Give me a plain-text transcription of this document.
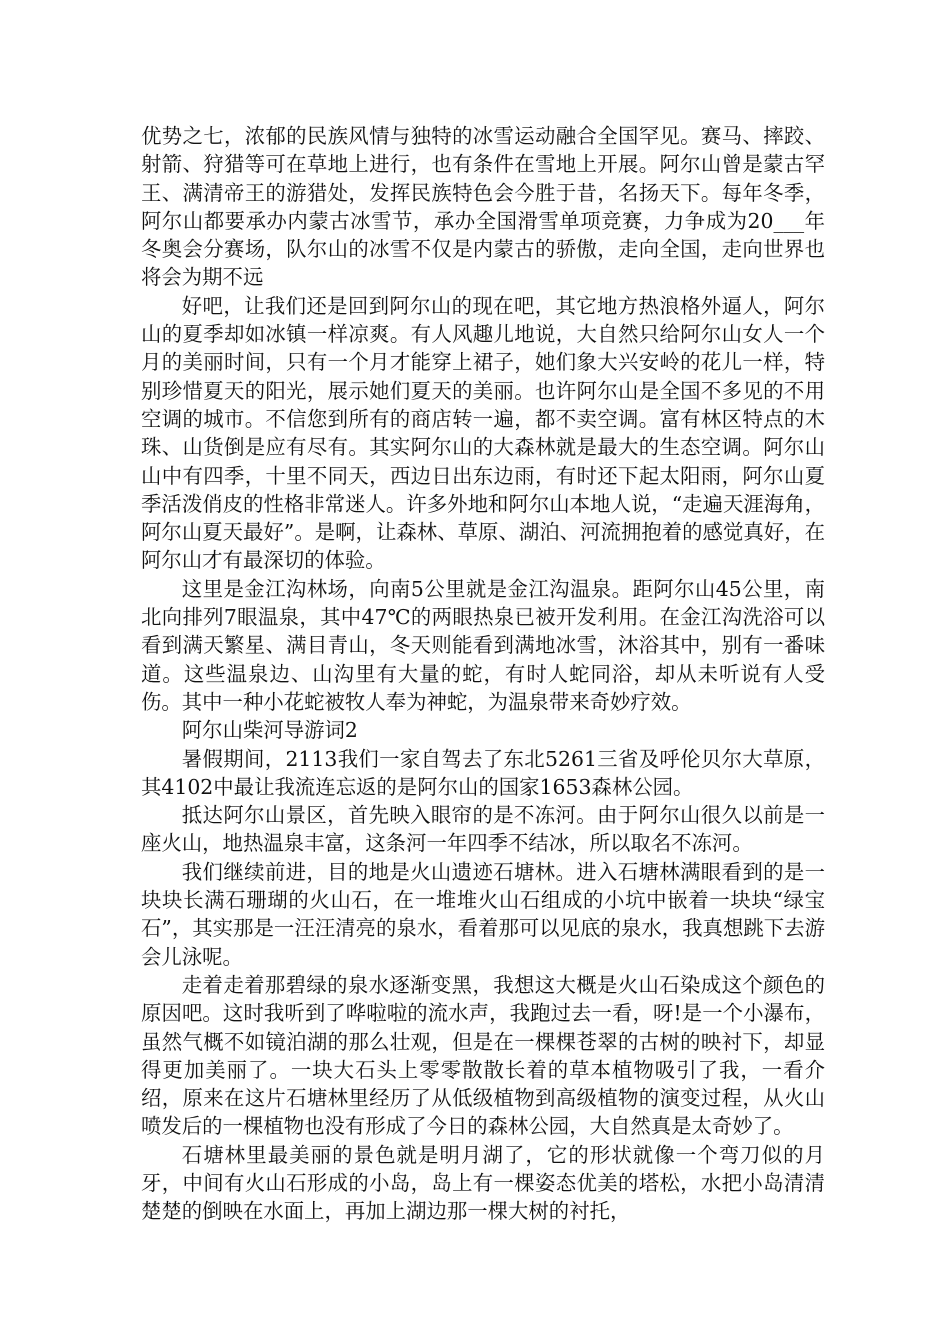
优势之七，浓郁的民族风情与独特的冰雪运动融合全国罕见。赛马、摔跤、射箭、狩猎等可在草地上进行，也有条件在雪地上开展。阿尔山曾是蒙古罕王、满清帝王的游猎处，发挥民族特色会今胜于昔，名扬天下。每年冬季，阿尔山都要承办内蒙古冰雪节，承办全国滑雪单项竞赛，力争成为20___年冬奥会分赛场，队尔山的冰雪不仅是内蒙古的骄傲，走向全国，走向世界也将会为期不远

好吧，让我们还是回到阿尔山的现在吧，其它地方热浪格外逼人，阿尔山的夏季却如冰镇一样凉爽。有人风趣儿地说，大自然只给阿尔山女人一个月的美丽时间，只有一个月才能穿上裙子，她们象大兴安岭的花儿一样，特别珍惜夏天的阳光，展示她们夏天的美丽。也许阿尔山是全国不多见的不用空调的城市。不信您到所有的商店转一遍，都不卖空调。富有林区特点的木珠、山货倒是应有尽有。其实阿尔山的大森林就是最大的生态空调。阿尔山山中有四季，十里不同天，西边日出东边雨，有时还下起太阳雨，阿尔山夏季活泼俏皮的性格非常迷人。许多外地和阿尔山本地人说，“走遍天涯海角，阿尔山夏天最好”。是啊，让森林、草原、湖泊、河流拥抱着的感觉真好，在阿尔山才有最深切的体验。

这里是金江沟林场，向南5公里就是金江沟温泉。距阿尔山45公里，南北向排列7眼温泉，其中47℃的两眼热泉已被开发利用。在金江沟洗浴可以看到满天繁星、满目青山，冬天则能看到满地冰雪，沐浴其中，别有一番味道。这些温泉边、山沟里有大量的蛇，有时人蛇同浴，却从未听说有人受伤。其中一种小花蛇被牧人奉为神蛇，为温泉带来奇妙疗效。

阿尔山柴河导游词2

暑假期间，2113我们一家自驾去了东北5261三省及呼伦贝尔大草原，其4102中最让我流连忘返的是阿尔山的国家1653森林公园。

抵达阿尔山景区，首先映入眼帘的是不冻河。由于阿尔山很久以前是一座火山，地热温泉丰富，这条河一年四季不结冰，所以取名不冻河。

我们继续前进，目的地是火山遗迹石塘林。进入石塘林满眼看到的是一块块长满石珊瑚的火山石，在一堆堆火山石组成的小坑中嵌着一块块“绿宝石”，其实那是一汪汪清亮的泉水，看着那可以见底的泉水，我真想跳下去游会儿泳呢。

走着走着那碧绿的泉水逐渐变黑，我想这大概是火山石染成这个颜色的原因吧。这时我听到了哗啦啦的流水声，我跑过去一看，呀!是一个小瀑布，虽然气概不如镜泊湖的那么壮观，但是在一棵棵苍翠的古树的映衬下，却显得更加美丽了。一块大石头上零零散散长着的草本植物吸引了我，一看介绍，原来在这片石塘林里经历了从低级植物到高级植物的演变过程，从火山喷发后的一棵植物也没有形成了今日的森林公园，大自然真是太奇妙了。

石塘林里最美丽的景色就是明月湖了，它的形状就像一个弯刀似的月牙，中间有火山石形成的小岛，岛上有一棵姿态优美的塔松，水把小岛清清楚楚的倒映在水面上，再加上湖边那一棵大树的衬托，
